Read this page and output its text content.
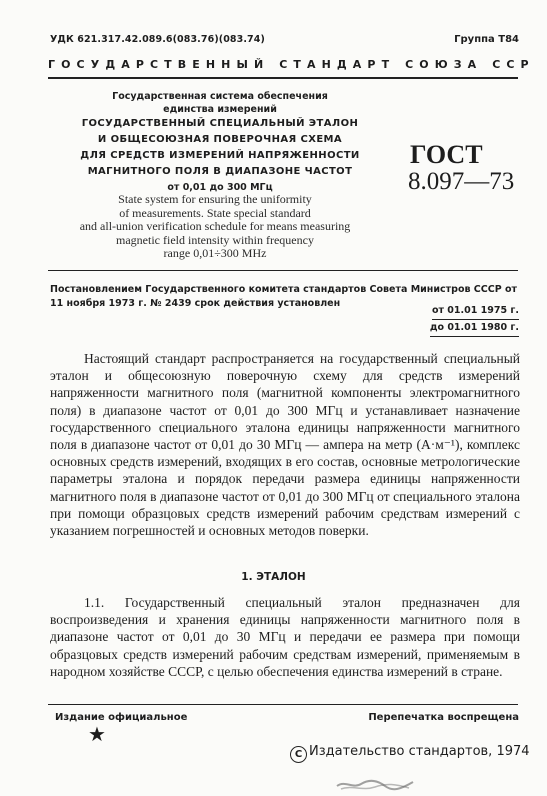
УДК 621.317.42.089.6(083.76)(083.74)	Группа Т84
ГОСУДАРСТВЕННЫЙ СТАНДАРТ СОЮЗА ССР
Государственная система обеспечения
единства измерений
ГОСУДАРСТВЕННЫЙ СПЕЦИАЛЬНЫЙ ЭТАЛОН
И ОБЩЕСОЮЗНАЯ ПОВЕРОЧНАЯ СХЕМА
ДЛЯ СРЕДСТВ ИЗМЕРЕНИЙ НАПРЯЖЕННОСТИ
МАГНИТНОГО ПОЛЯ В ДИАПАЗОНЕ ЧАСТОТ
от 0,01 до 300 МГц
ГОСТ
8.097—73
State system for ensuring the uniformity
of measurements. State special standard
and all-union verification schedule for means measuring
magnetic field intensity within frequency
range 0,01÷300 MHz
Постановлением Государственного комитета стандартов Совета Министров СССР от 11 ноября 1973 г. № 2439 срок действия установлен
от 01.01 1975 г.
до 01.01 1980 г.

Настоящий стандарт распространяется на государственный специальный эталон и общесоюзную поверочную схему для средств измерений напряженности магнитного поля (магнитной компоненты электромагнитного поля) в диапазоне частот от 0,01 до 300 МГц и устанавливает назначение государственного специального эталона единицы напряженности магнитного поля в диапазоне частот от 0,01 до 30 МГц — ампера на метр (А·м⁻¹), комплекс основных средств измерений, входящих в его состав, основные метрологические параметры эталона и порядок передачи размера единицы напряженности магнитного поля в диапазоне частот от 0,01 до 300 МГц от специального эталона при помощи образцовых средств измерений рабочим средствам измерений с указанием погрешностей и основных методов поверки.

1. ЭТАЛОН

1.1. Государственный специальный эталон предназначен для воспроизведения и хранения единицы напряженности магнитного поля в диапазоне частот от 0,01 до 30 МГц и передачи ее размера при помощи образцовых средств измерений рабочим средствам измерений, применяемым в народном хозяйстве СССР, с целью обеспечения единства измерений в стране.

Издание официальное	Перепечатка воспрещена
★
C Издательство стандартов, 1974
